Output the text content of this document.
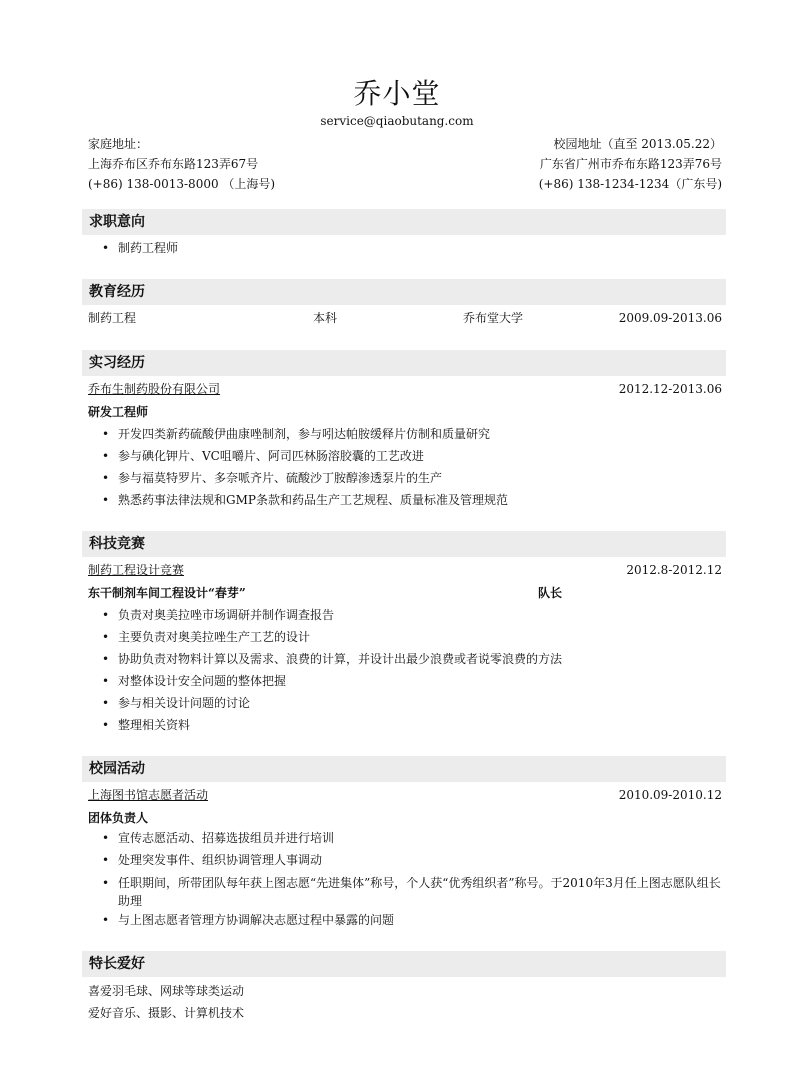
乔小堂
service@qiaobutang.com
家庭地址：
上海乔布区乔布东路123弄67号
(+86) 138-0013-8000 （上海号)
校园地址（直至 2013.05.22）
广东省广州市乔布东路123弄76号
(+86) 138-1234-1234（广东号)
求职意向
• 制药工程师
教育经历
制药工程	本科	乔布堂大学	2009.09-2013.06
实习经历
乔布生制药股份有限公司	2012.12-2013.06
研发工程师
• 开发四类新药硫酸伊曲康唑制剂，参与吲达帕胺缓释片仿制和质量研究
• 参与碘化钾片、VC咀嚼片、阿司匹林肠溶胶囊的工艺改进
• 参与福莫特罗片、多奈哌齐片、硫酸沙丁胺醇渗透泵片的生产
• 熟悉药事法律法规和GMP条款和药品生产工艺规程、质量标准及管理规范
科技竞赛
制药工程设计竞赛	2012.8-2012.12
东干制剂车间工程设计“春芽”	队长
• 负责对奥美拉唑市场调研并制作调查报告
• 主要负责对奥美拉唑生产工艺的设计
• 协助负责对物料计算以及需求、浪费的计算，并设计出最少浪费或者说零浪费的方法
• 对整体设计安全问题的整体把握
• 参与相关设计问题的讨论
• 整理相关资料
校园活动
上海图书馆志愿者活动	2010.09-2010.12
团体负责人
• 宣传志愿活动、招募选拔组员并进行培训
• 处理突发事件、组织协调管理人事调动
• 任职期间，所带团队每年获上图志愿“先进集体”称号，个人获“优秀组织者”称号。于2010年3月任上图志愿队组长助理
• 与上图志愿者管理方协调解决志愿过程中暴露的问题
特长爱好
喜爱羽毛球、网球等球类运动
爱好音乐、摄影、计算机技术
